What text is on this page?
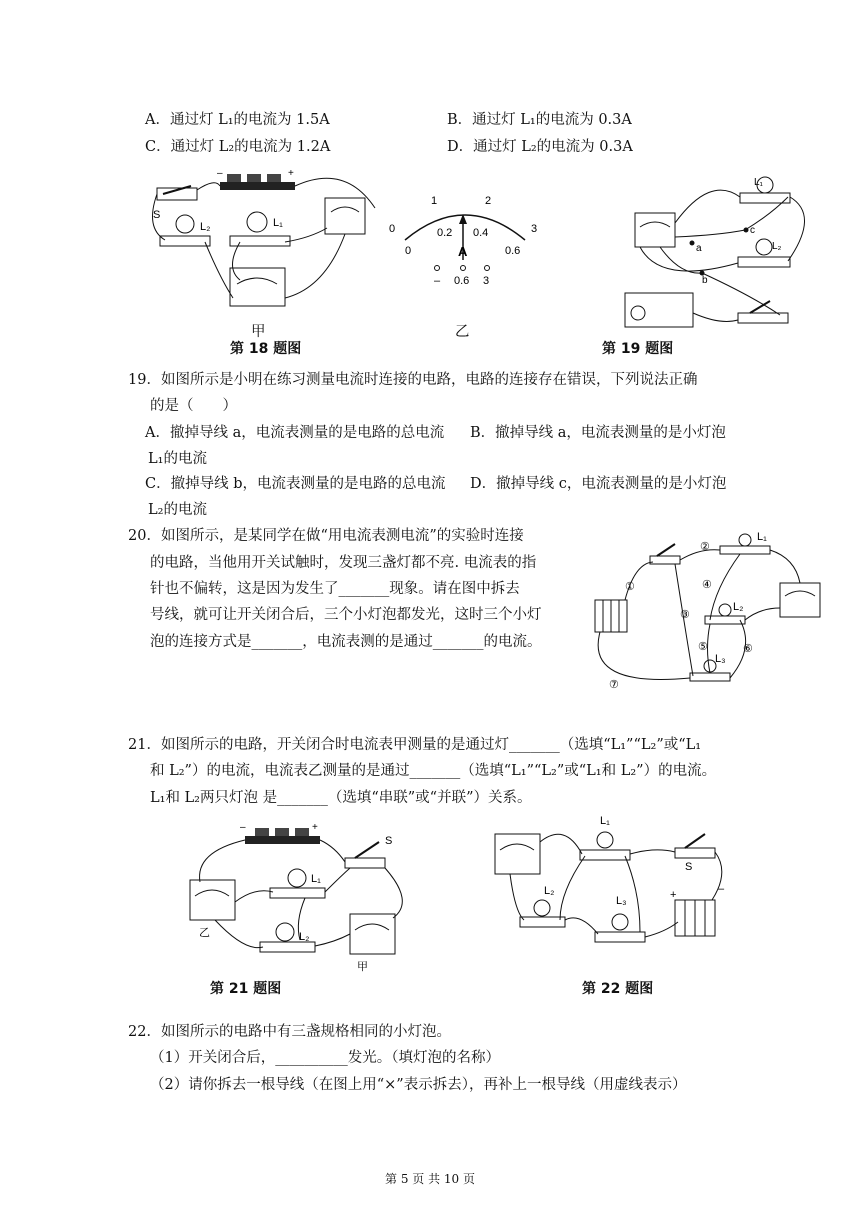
A．通过灯 L₁的电流为 1.5A	B．通过灯 L₁的电流为 0.3A
C．通过灯 L₂的电流为 1.2A	D．通过灯 L₂的电流为 0.3A
–	+
S
L₂	L₁	0
1	2
3
0
0.2 0.4
0.6
A
– 0.6 3
甲	乙
第 18 题图
L₁
L₂
a
b
c
第 19 题图
19．如图所示是小明在练习测量电流时连接的电路，电路的连接存在错误，下列说法正确
的是（　　）
A．撤掉导线 a，电流表测量的是电路的总电流 B．撤掉导线 a，电流表测量的是小灯泡
L₁的电流
C．撤掉导线 b，电流表测量的是电路的总电流 D．撤掉导线 c，电流表测量的是小灯泡
L₂的电流
20．如图所示，是某同学在做“用电流表测电流”的实验时连接
的电路，当他用开关试触时，发现三盏灯都不亮. 电流表的指
针也不偏转，这是因为发生了_______现象。请在图中拆去
号线，就可让开关闭合后，三个小灯泡都发光，这时三个小灯
泡的连接方式是_______，电流表测的是通过_______的电流。
①
②
③
④
⑤	⑥
⑦
L₁
L₂
L₃
21．如图所示的电路，开关闭合时电流表甲测量的是通过灯_______（选填“L₁”“L₂”或“L₁
和 L₂”）的电流，电流表乙测量的是通过_______（选填“L₁”“L₂”或“L₁和 L₂”）的电流。
L₁和 L₂两只灯泡 是_______（选填“串联”或“并联”）关系。
–	+
S
乙
L₁
L₂
甲
第 21 题图
L₁
S
L₂
L₃	+	–
第 22 题图
22．如图所示的电路中有三盏规格相同的小灯泡。
（1）开关闭合后，__________发光。（填灯泡的名称）
（2）请你拆去一根导线（在图上用“×”表示拆去），再补上一根导线（用虚线表示）
第 5 页 共 10 页
